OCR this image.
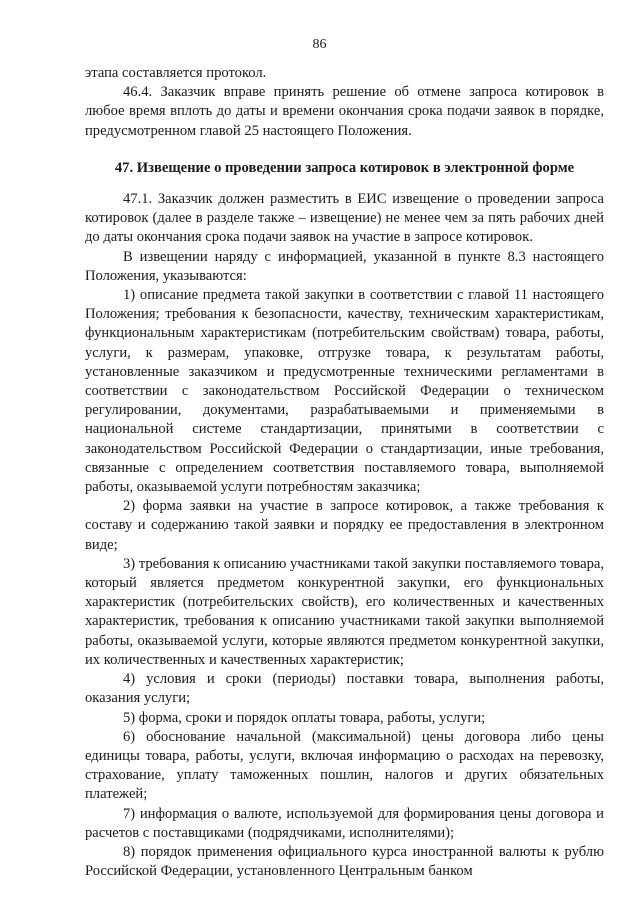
86

этапа составляется протокол.

46.4. Заказчик вправе принять решение об отмене запроса котировок в любое время вплоть до даты и времени окончания срока подачи заявок в порядке, предусмотренном главой 25 настоящего Положения.

47. Извещение о проведении запроса котировок в электронной форме

47.1. Заказчик должен разместить в ЕИС извещение о проведении запроса котировок (далее в разделе также – извещение) не менее чем за пять рабочих дней до даты окончания срока подачи заявок на участие в запросе котировок.

В извещении наряду с информацией, указанной в пункте 8.3 настоящего Положения, указываются:

1) описание предмета такой закупки в соответствии с главой 11 настоящего Положения; требования к безопасности, качеству, техническим характеристикам, функциональным характеристикам (потребительским свойствам) товара, работы, услуги, к размерам, упаковке, отгрузке товара, к результатам работы, установленные заказчиком и предусмотренные техническими регламентами в соответствии с законодательством Российской Федерации о техническом регулировании, документами, разрабатываемыми и применяемыми в национальной системе стандартизации, принятыми в соответствии с законодательством Российской Федерации о стандартизации, иные требования, связанные с определением соответствия поставляемого товара, выполняемой работы, оказываемой услуги потребностям заказчика;

2) форма заявки на участие в запросе котировок, а также требования к составу и содержанию такой заявки и порядку ее предоставления в электронном виде;

3) требования к описанию участниками такой закупки поставляемого товара, который является предметом конкурентной закупки, его функциональных характеристик (потребительских свойств), его количественных и качественных характеристик, требования к описанию участниками такой закупки выполняемой работы, оказываемой услуги, которые являются предметом конкурентной закупки, их количественных и качественных характеристик;

4) условия и сроки (периоды) поставки товара, выполнения работы, оказания услуги;

5) форма, сроки и порядок оплаты товара, работы, услуги;

6) обоснование начальной (максимальной) цены договора либо цены единицы товара, работы, услуги, включая информацию о расходах на перевозку, страхование, уплату таможенных пошлин, налогов и других обязательных платежей;

7) информация о валюте, используемой для формирования цены договора и расчетов с поставщиками (подрядчиками, исполнителями);

8) порядок применения официального курса иностранной валюты к рублю Российской Федерации, установленного Центральным банком
